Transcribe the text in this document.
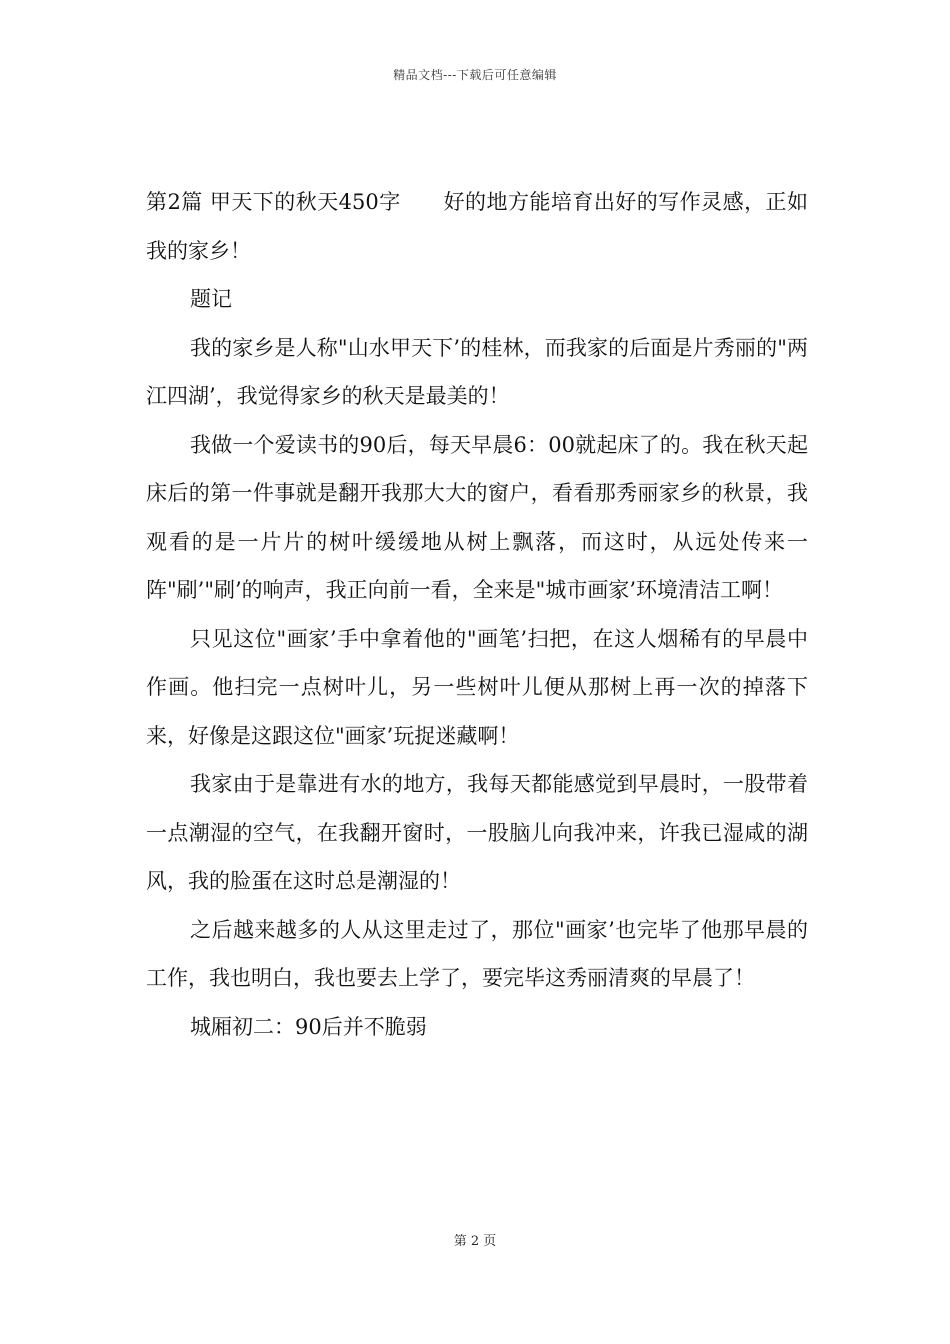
精品文档---下载后可任意编辑

第2篇 甲天下的秋天450字　　好的地方能培育出好的写作灵感，正如我的家乡！

题记

我的家乡是人称"山水甲天下’的桂林，而我家的后面是片秀丽的"两江四湖’，我觉得家乡的秋天是最美的！

我做一个爱读书的90后，每天早晨6：00就起床了的。我在秋天起床后的第一件事就是翻开我那大大的窗户，看看那秀丽家乡的秋景，我观看的是一片片的树叶缓缓地从树上飘落，而这时，从远处传来一阵"刷’"刷’的响声，我正向前一看，全来是"城市画家’环境清洁工啊！

只见这位"画家’手中拿着他的"画笔’扫把，在这人烟稀有的早晨中作画。他扫完一点树叶儿，另一些树叶儿便从那树上再一次的掉落下来，好像是这跟这位"画家’玩捉迷藏啊！

我家由于是靠进有水的地方，我每天都能感觉到早晨时，一股带着一点潮湿的空气，在我翻开窗时，一股脑儿向我冲来，许我已湿咸的湖风，我的脸蛋在这时总是潮湿的！

之后越来越多的人从这里走过了，那位"画家’也完毕了他那早晨的工作，我也明白，我也要去上学了，要完毕这秀丽清爽的早晨了！

城厢初二：90后并不脆弱

第 2 页
